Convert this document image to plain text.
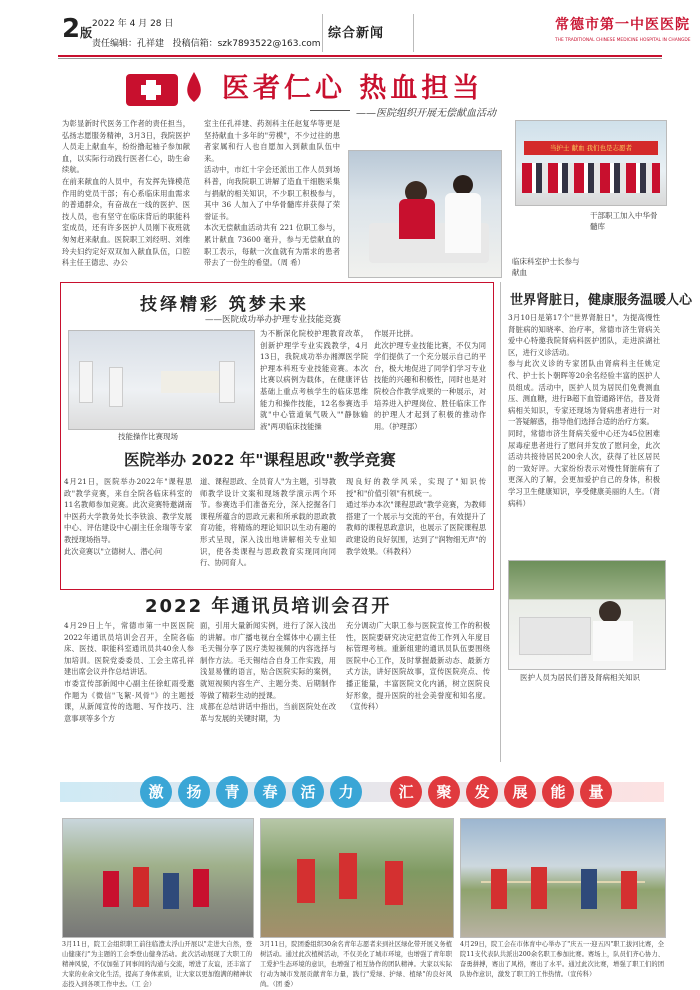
2版
2022 年 4 月 28 日
责任编辑：孔祥建 投稿信箱：szk7893522@163.com
综合新闻
常德市第一中医医院
THE TRADITIONAL CHINESE MEDICINE HOSPITAL IN CHANGDE
医者仁心 热血担当
——医院组织开展无偿献血活动
为彰显新时代医务工作者的责任担当，弘扬志愿服务精神，3月3日，我院医护人员走上献血车，纷纷撸起袖子参加献血，以实际行动践行医者仁心，助生命续航。
在前来献血的人员中，有发挥先锋模范作用的党员干部；有心系临床用血需求的普通群众，有奋战在一线的医护、医技人员，也有坚守在临床背后的职能科室成员，还有许多医护人员刚下夜班就匆匆赶来献血。医院职工刘经明、刘维玲夫妇约定好双双加入献血队伍，口腔科主任王德忠、办公
室主任孔祥建、药剂科主任赵复华等更是坚持献血十多年的"劳模"，不少过往的患者家属和行人也自愿加入到献血队伍中来。
活动中，市红十字会还派出工作人员到场科普，向我院职工讲解了造血干细胞采集与捐献的相关知识，不少职工积极参与，其中 36 人加入了中华骨髓库并获得了荣誉证书。
本次无偿献血活动共有 221 位职工参与，累计献血 73600 毫升，参与无偿献血的职工表示，每献一次血就有为需求的患者带去了一份生的希望。（周 希）	临床科室护士长参与献血
当护士 献血 我们也是志愿者
干部职工加入中华骨髓库
技绎精彩 筑梦未来
——医院成功举办护理专业技能竞赛
技能操作比赛现场
为不断深化院校护理教育改革，创新护理学专业实践教学，4月13日，我院成功举办湘潭医学院护理本科班专业技能竞赛。本次比赛以病例为载体，在健康评估基础上重点考核学生的临床思维能力和操作技能，12名参赛选手就"中心管道氧气吸入""静脉输液"两项临床技能操
作展开比拼。
此次护理专业技能比赛，不仅为同学们提供了一个充分展示自己的平台，极大地促进了同学们学习专业技能的兴趣和积极性，同时也是对院校合作教学成果的一种展示，对培养进入护理岗位、胜任临床工作的护理人才起到了积极的推动作用。（护理部）
医院举办 2022 年"课程思政"教学竞赛
4月21日，医院举办2022年"课程思政"教学竞赛，来自全院各临床科室的11名教师参加竞赛。此次竞赛特邀湖南中医药大学教务处长李铁浪、教学发展中心、评估建设中心副主任余瑞等专家教授现场指导。
此次竞赛以"立德树人、潜心问
道、课程思政、全员育人"为主题，引导教师教学设计文案和现场教学演示两个环节。参赛选手们准备充分，深入挖掘各门课程所蕴含的思政元素和所承载的思政教育功能，将精炼的理论知识以生动有趣的形式呈现，深入浅出地讲解相关专业知识，使各类课程与思政教育实现同向同行、协同育人。
现良好的教学风采，实现了"知识传授"和"价值引领"有机统一。
通过举办本次"课程思政"教学竞赛，为教师搭建了一个展示与交流的平台，有效提升了教师的课程思政意识，也展示了医院课程思政建设的良好氛围，达到了"润物细无声"的教学效果。（科教科）
世界肾脏日，健康服务温暖人心
3月10日是第17个"世界肾脏日"，为提高慢性肾脏病的知晓率、治疗率，常德市济生肾病关爱中心特邀我院肾病科医护团队，走进滨湖社区，进行义诊活动。
参与此次义诊的专家团队由肾病科主任姚定代、护士长卜朝晖等20余名经验丰富的医护人员组成。活动中，医护人员为居民们免费测血压、测血糖，进行B超下血管通路评估，普及肾病相关知识，专家还现场为肾病患者进行一对一答疑解惑，指导他们选择合适的治疗方案。
同时，常德市济生肾病关爱中心还为45位困难尿毒症患者进行了慰问并发放了慰问金，此次活动共接待居民200余人次，获得了社区居民的一致好评。大家纷纷表示对慢性肾脏病有了更深入的了解，会更加爱护自己的身体，积极学习卫生健康知识，享受健康美丽的人生。（肾病科）
医护人员为居民们普及肾病相关知识
2022 年通讯员培训会召开
4月29日上午，常德市第一中医医院2022年通讯员培训会召开，全院各临床、医技、职能科室通讯员共40余人参加培训。医院党委委员、工会主席孔祥建出席会议并作总结讲话。
市委宣传部新闻中心副主任徐虹雨受邀作题为《微信"飞絮·风骨"》的主题授课，从新闻宣传的选题、写作技巧、注意事项等多个方
面，引用大量新闻实例，进行了深入浅出的讲解。市广播电视台全媒体中心副主任毛天锡分享了医疗类短视频的内容选择与制作方法。毛天锡结合自身工作实践，用浅显易懂的语言，贴合医院实际的案例，就短视频内容生产、主题分类、后期制作等做了精彩生动的授课。
成都在总结讲话中指出，当前医院处在改革与发展的关键时期，为
充分调动广大职工参与医院宣传工作的积极性，医院要研究决定把宣传工作列入年度目标管理考核。重新组建的通讯员队伍要围绕医院中心工作，及时掌握最新动态、最新方式方法，讲好医院故事，宣传医院亮点、传播正能量，丰富医院文化内涵，树立医院良好形象，提升医院的社会美誉度和知名度。（宣传科）
激	扬	青	春	活	力	汇	聚	发	展	能	量
3月11日，院工会组织职工前往临澧太浮山开展以"走进大自然，登山健康行"为主题的工会季登山健身活动。此次活动展现了大职工的精神风貌，不仅加强了同事间的沟通与交流，增进了友谊，还丰富了大家的业余文化生活，提高了身体素质，让大家以更加饱满的精神状态投入到各项工作中去。（工 会）
3月11日，院团委组织30余名青年志愿者来到社区绿化带开展义务植树活动。通过此次植树活动，不仅美化了城市环境，也增强了青年职工爱护生态环境的意识，也增强了相互协作的团队精神。大家以实际行动为城市发展贡献青年力量，践行"爱绿、护绿、植绿"的良好风尚。（团 委）
4月29日，院工会在市体育中心举办了"庆五一·迎五四"职工拔河比赛，全院11支代表队共派出200余名职工参加比赛。赛场上，队员们齐心协力、奋勇拼搏，赛出了风格，赛出了水平。通过此次比赛，增强了职工们的团队协作意识，激发了职工的工作热情。（宣传科）
